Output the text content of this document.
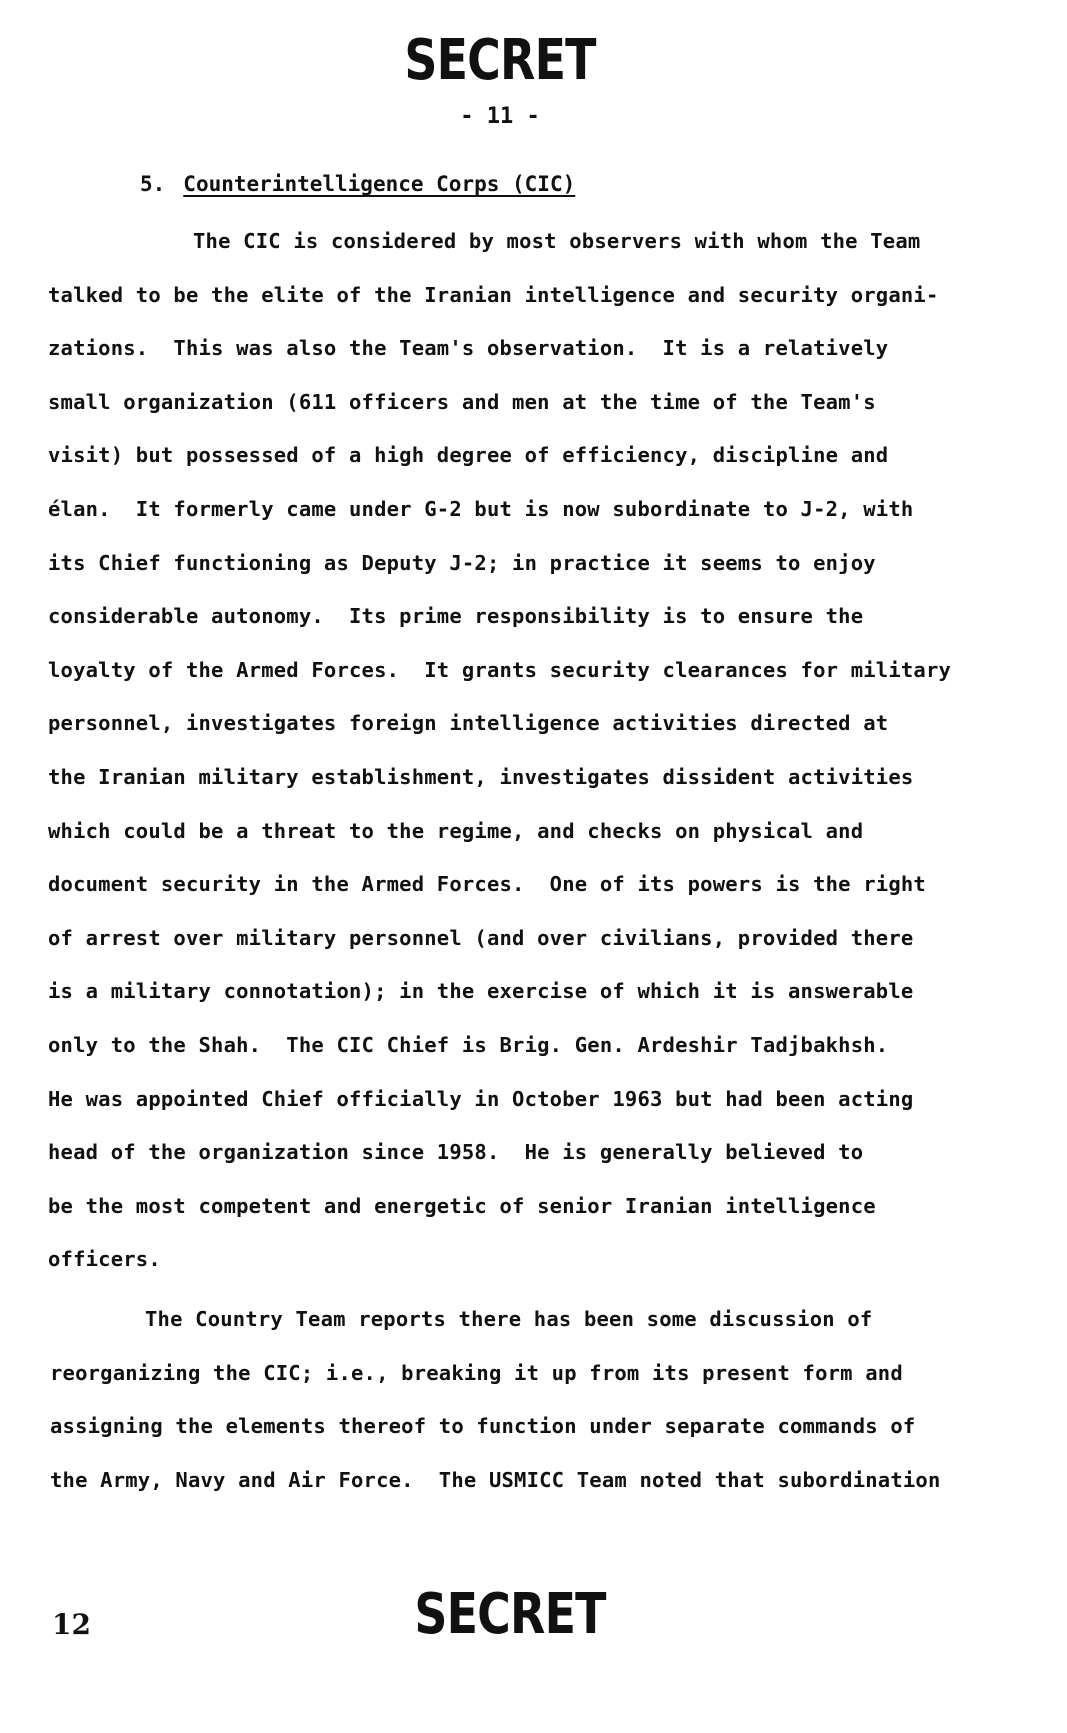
SECRET
- 11 -
5. Counterintelligence Corps (CIC)
The CIC is considered by most observers with whom the Team
talked to be the elite of the Iranian intelligence and security organi-
zations.  This was also the Team's observation.  It is a relatively
small organization (611 officers and men at the time of the Team's
visit) but possessed of a high degree of efficiency, discipline and
élan.  It formerly came under G-2 but is now subordinate to J-2, with
its Chief functioning as Deputy J-2; in practice it seems to enjoy
considerable autonomy.  Its prime responsibility is to ensure the
loyalty of the Armed Forces.  It grants security clearances for military
personnel, investigates foreign intelligence activities directed at
the Iranian military establishment, investigates dissident activities
which could be a threat to the regime, and checks on physical and
document security in the Armed Forces.  One of its powers is the right
of arrest over military personnel (and over civilians, provided there
is a military connotation); in the exercise of which it is answerable
only to the Shah.  The CIC Chief is Brig. Gen. Ardeshir Tadjbakhsh.
He was appointed Chief officially in October 1963 but had been acting
head of the organization since 1958.  He is generally believed to
be the most competent and energetic of senior Iranian intelligence
officers.
The Country Team reports there has been some discussion of
reorganizing the CIC; i.e., breaking it up from its present form and
assigning the elements thereof to function under separate commands of
the Army, Navy and Air Force.  The USMICC Team noted that subordination
12	SECRET
